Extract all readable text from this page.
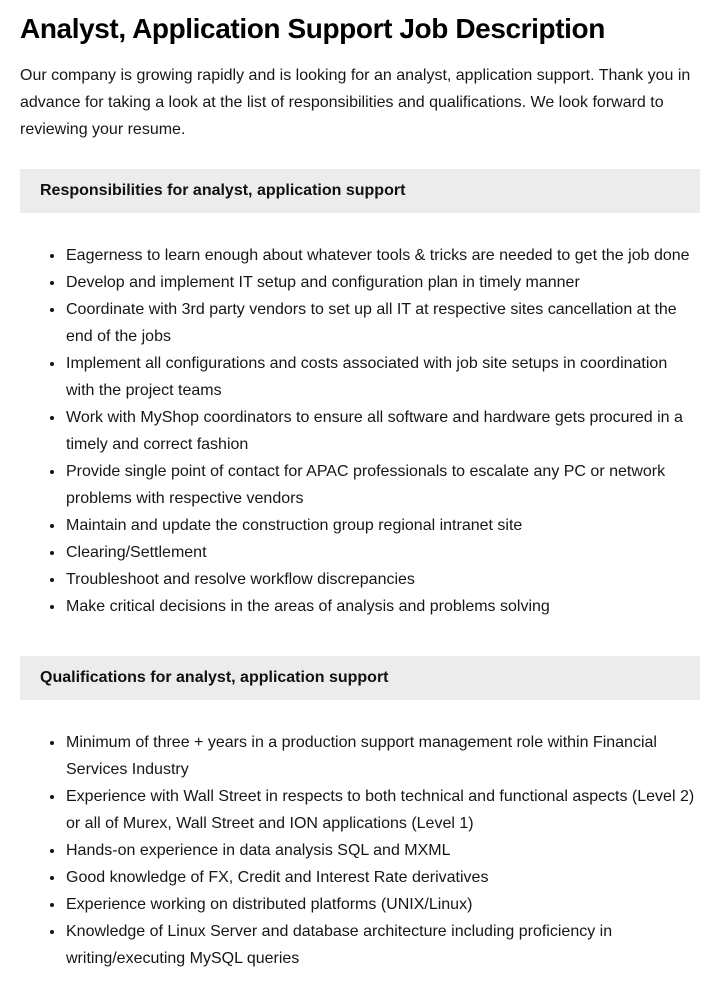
Analyst, Application Support Job Description

Our company is growing rapidly and is looking for an analyst, application support. Thank you in advance for taking a look at the list of responsibilities and qualifications. We look forward to reviewing your resume.

Responsibilities for analyst, application support
• Eagerness to learn enough about whatever tools & tricks are needed to get the job done
• Develop and implement IT setup and configuration plan in timely manner
• Coordinate with 3rd party vendors to set up all IT at respective sites cancellation at the end of the jobs
• Implement all configurations and costs associated with job site setups in coordination with the project teams
• Work with MyShop coordinators to ensure all software and hardware gets procured in a timely and correct fashion
• Provide single point of contact for APAC professionals to escalate any PC or network problems with respective vendors
• Maintain and update the construction group regional intranet site
• Clearing/Settlement
• Troubleshoot and resolve workflow discrepancies
• Make critical decisions in the areas of analysis and problems solving
Qualifications for analyst, application support
• Minimum of three + years in a production support management role within Financial Services Industry
• Experience with Wall Street in respects to both technical and functional aspects (Level 2) or all of Murex, Wall Street and ION applications (Level 1)
• Hands-on experience in data analysis SQL and MXML
• Good knowledge of FX, Credit and Interest Rate derivatives
• Experience working on distributed platforms (UNIX/Linux)
• Knowledge of Linux Server and database architecture including proficiency in writing/executing MySQL queries
